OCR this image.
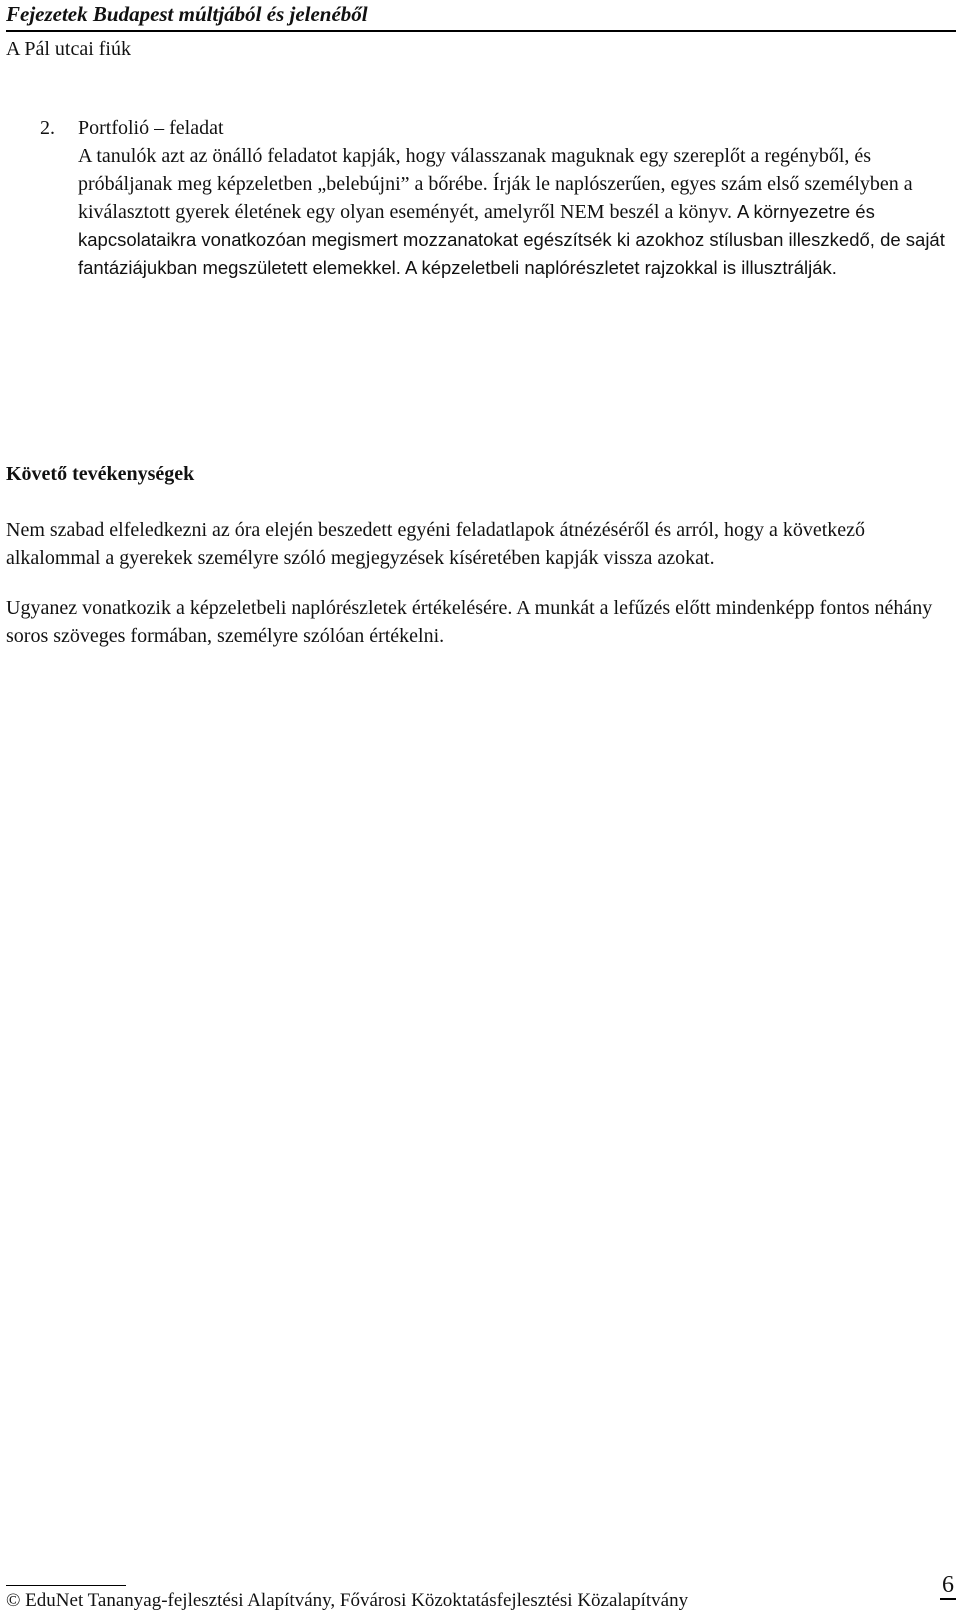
Fejezetek Budapest múltjából és jelenéből
A Pál utcai fiúk
2.	Portfolió – feladat
A tanulók azt az önálló feladatot kapják, hogy válasszanak maguknak egy szereplőt a regényből, és próbáljanak meg képzeletben „belebújni” a bőrébe. Írják le naplószerűen, egyes szám első személyben a kiválasztott gyerek életének egy olyan eseményét, amelyről NEM beszél a könyv. A környezetre és kapcsolataikra vonatkozóan megismert mozzanatokat egészítsék ki azokhoz stílusban illeszkedő, de saját fantáziájukban megszületett elemekkel. A képzeletbeli naplórészletet rajzokkal is illusztrálják.

Követő tevékenységek

Nem szabad elfeledkezni az óra elején beszedett egyéni feladatlapok átnézéséről és arról, hogy a következő alkalommal a gyerekek személyre szóló megjegyzések kíséretében kapják vissza azokat.

Ugyanez vonatkozik a képzeletbeli naplórészletek értékelésére. A munkát a lefűzés előtt mindenképp fontos néhány soros szöveges formában, személyre szólóan értékelni.

6
© EduNet Tananyag-fejlesztési Alapítvány, Fővárosi Közoktatásfejlesztési Közalapítvány
